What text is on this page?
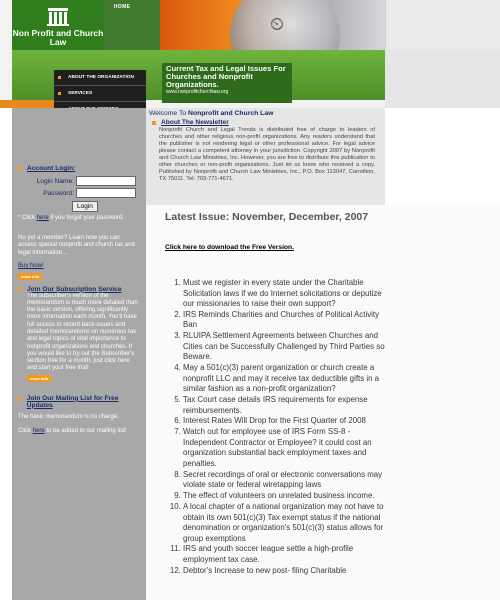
Non Profit and Church Law
HOME
⏲
Current Tax and Legal Issues For Churches and Nonprofit Organizations.
www.nonprofitchurchlaw.org
ABOUT THE ORGANIZATION
SERVICES
Account Login:
Login Name:
Password:
Login

* Click here if you forgot your password.

No yet a member? Learn how you can access special nonprofit and church tax and legal information...

Buy Now!

more info
Join Our Subscription Service

The subscriber's version of the memorandum is much more detailed than the basic version, offering significantly more information each month. You'll have full access to recent back-issues and detailed memorandums on numerous tax and legal topics of vital importance to nonprofit organizations and churches. If you would like to try out the Subscriber's section free for a month, just click here and start your free trial!

more info
Join Our Mailing List for Free Updates

The basic memorandum is no charge.

Click here to be added to our mailing list!

Welcome To Nonprofit and Church Law
About The Newsletter

Nonprofit Church and Legal Trends is distributed free of charge to leaders of churches and other religious non-profit organizations. Any readers understand that the publisher is not rendering legal or other professional advice. For legal advice please contact a competent attorney in your jurisdiction. Copyright 2007 by Nonprofit and Church Law Ministries, Inc. However, you are free to distribute this publication to other churches or non-profit organizations. Just let us know who received a copy. Published by Nonprofit and Church Law Ministries, Inc., P.O. Box 113047, Carrollton, TX 75011. Tel: 703-771-4671.

Latest Issue: November, December, 2007
Click here to download the Free Version.
1. Must we register in every state under the Charitable Solicitation laws if we do Internet solicitations or deputize our missionaries to raise their own support?
2. IRS Reminds Charities and Churches of Political Activity Ban
3. RLUIPA Settlement Agreements between Churches and Cities can be Successfully Challenged by Third Parties so Beware.
4. May a 501(c)(3) parent organization or church create a nonprofit LLC and may it receive tax deductible gifts in a similar fashion as a non-profit organization?
5. Tax Court case details IRS requirements for expense reimbursements.
6. Interest Rates Will Drop for the First Quarter of 2008
7. Watch out for employee use of IRS Form SS-8 - Independent Contractor or Employee? it could cost an organization substantial back employment taxes and penalties.
8. Secret recordings of oral or electronic conversations may violate state or federal wiretapping laws
9. The effect of volunteers on unrelated business income.
10. A local chapter of a national organization may not have to obtain its own 501(c)(3) Tax exempt status if the national denomination or organization's 501(c)(3) status allows for group exemptions
11. IRS and youth soccer league settle a high-profile employment tax case.
12. Debtor's Increase to new post- filing Charitable
